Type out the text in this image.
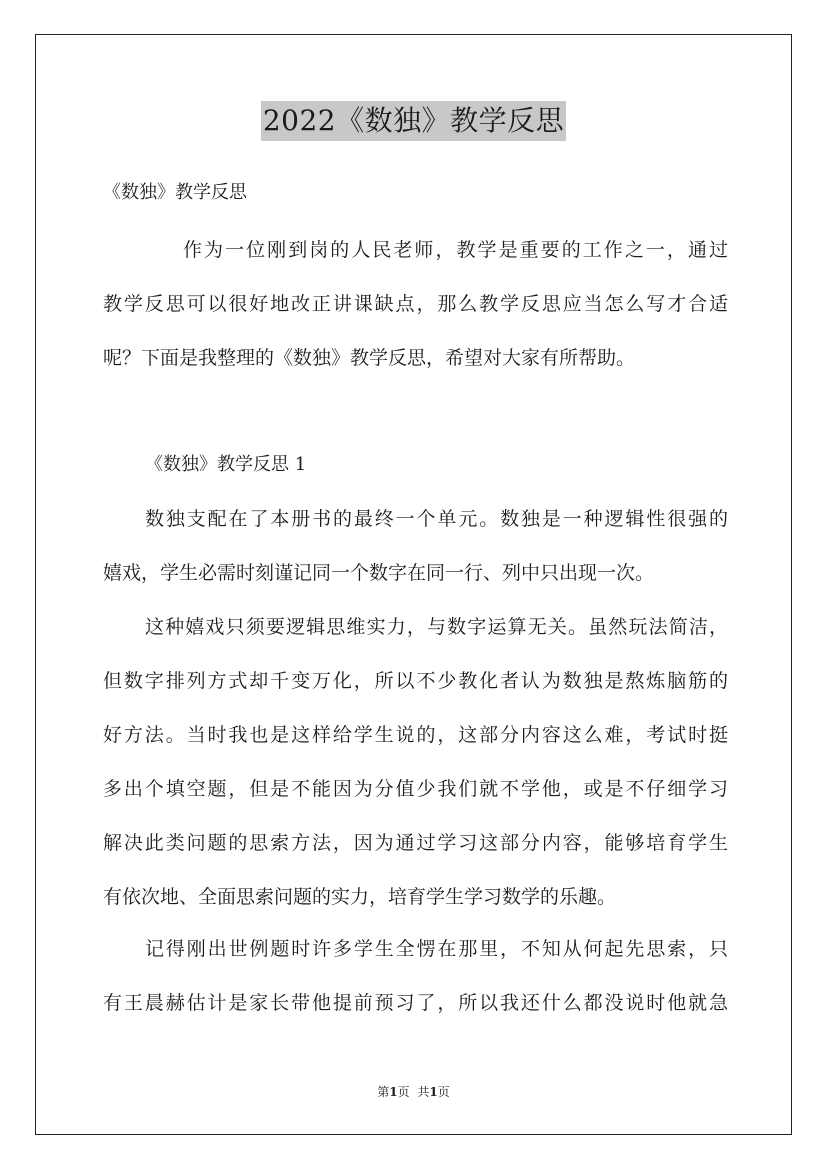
2022《数独》教学反思

《数独》教学反思

作为一位刚到岗的人民老师，教学是重要的工作之一，通过
教学反思可以很好地改正讲课缺点，那么教学反思应当怎么写才合适
呢？下面是我整理的《数独》教学反思，希望对大家有所帮助。

《数独》教学反思 1

数独支配在了本册书的最终一个单元。数独是一种逻辑性很强的
嬉戏，学生必需时刻谨记同一个数字在同一行、列中只出现一次。

这种嬉戏只须要逻辑思维实力，与数字运算无关。虽然玩法简洁，
但数字排列方式却千变万化，所以不少教化者认为数独是熬炼脑筋的
好方法。当时我也是这样给学生说的，这部分内容这么难，考试时挺
多出个填空题，但是不能因为分值少我们就不学他，或是不仔细学习
解决此类问题的思索方法，因为通过学习这部分内容，能够培育学生
有依次地、全面思索问题的实力，培育学生学习数学的乐趣。

记得刚出世例题时许多学生全愣在那里，不知从何起先思索，只
有王晨赫估计是家长带他提前预习了，所以我还什么都没说时他就急

第1页 共1页
